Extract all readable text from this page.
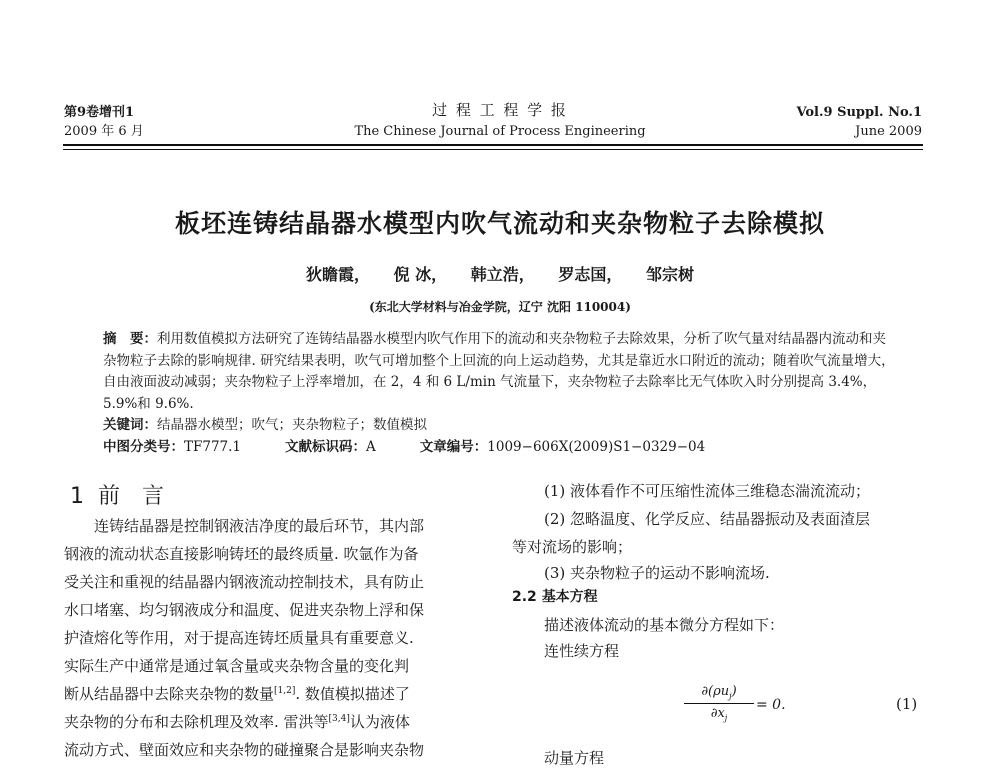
第9卷增刊1
2009 年 6 月
过 程 工 程 学 报
The Chinese Journal of Process Engineering
Vol.9 Suppl. No.1
June 2009
板坯连铸结晶器水模型内吹气流动和夹杂物粒子去除模拟
狄瞻霞， 倪 冰， 韩立浩， 罗志国， 邹宗树
(东北大学材料与冶金学院，辽宁 沈阳 110004)
摘　要：利用数值模拟方法研究了连铸结晶器水模型内吹气作用下的流动和夹杂物粒子去除效果，分析了吹气量对结晶器内流动和夹杂物粒子去除的影响规律. 研究结果表明，吹气可增加整个上回流的向上运动趋势，尤其是靠近水口附近的流动；随着吹气流量增大，自由液面波动减弱；夹杂物粒子上浮率增加，在 2，4 和 6 L/min 气流量下，夹杂物粒子去除率比无气体吹入时分别提高 3.4%，5.9%和 9.6%.
关键词：结晶器水模型；吹气；夹杂物粒子；数值模拟
中图分类号：TF777.1	文献标识码：A	文章编号：1009−606X(2009)S1−0329−04
1 前　言
连铸结晶器是控制钢液洁净度的最后环节，其内部
钢液的流动状态直接影响铸坯的最终质量. 吹氩作为备
受关注和重视的结晶器内钢液流动控制技术，具有防止
水口堵塞、均匀钢液成分和温度、促进夹杂物上浮和保
护渣熔化等作用，对于提高连铸坯质量具有重要意义.
实际生产中通常是通过氧含量或夹杂物含量的变化判
断从结晶器中去除夹杂物的数量[1,2]. 数值模拟描述了
夹杂物的分布和去除机理及效率. 雷洪等[3,4]认为液体
流动方式、壁面效应和夹杂物的碰撞聚合是影响夹杂物
(1) 液体看作不可压缩性流体三维稳态湍流流动；
(2) 忽略温度、化学反应、结晶器振动及表面渣层
等对流场的影响；
(3) 夹杂物粒子的运动不影响流场.
2.2 基本方程
描述液体流动的基本微分方程如下：
连性续方程
$\partial(\rho u_j)$
$\partial x_j$
= 0.	(1)
动量方程
